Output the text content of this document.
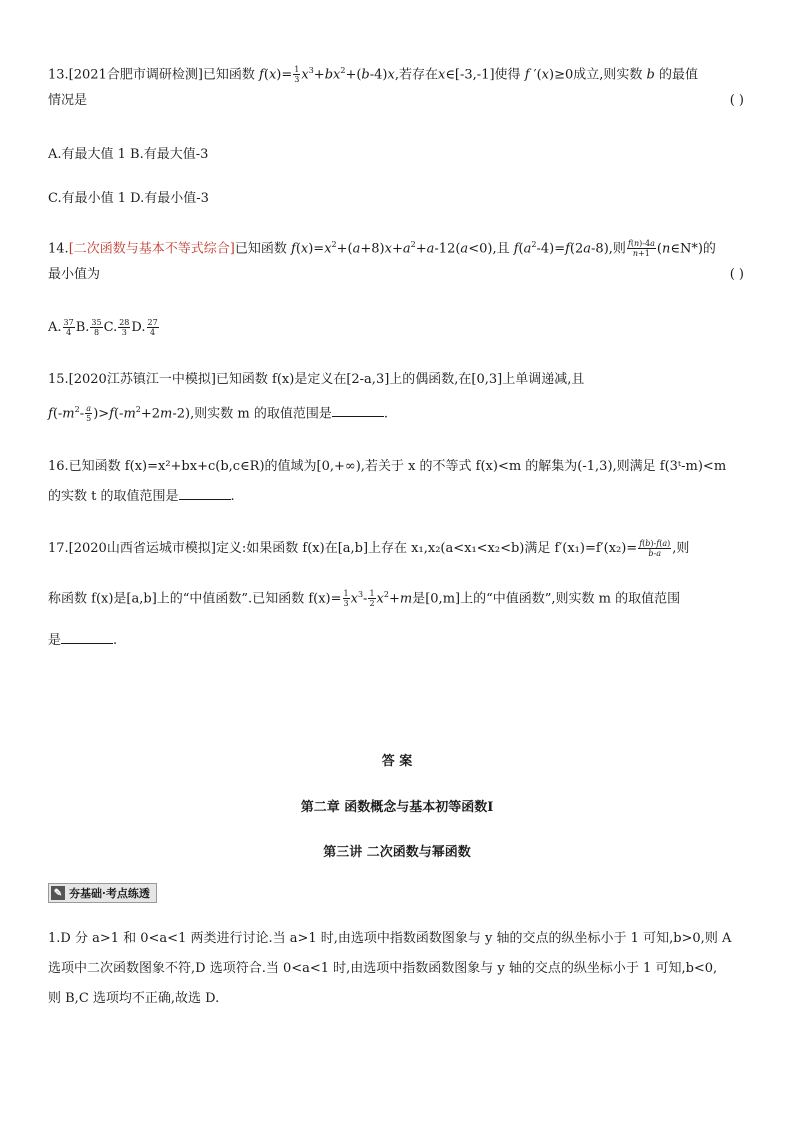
13.[2021合肥市调研检测]已知函数 $f(x)= \frac{1}{3} x^3+bx^2+(b-4)x$,若存在x∈[-3,-1]使得 f ′(x)≥0成立,则实数 b 的最值
情况是	( )
A.有最大值 1 B.有最大值-3
C.有最小值 1 D.有最小值-3
14.[二次函数与基本不等式综合]已知函数 $f(x)=x^2+(a+8)x+a^2+a-12(a<0)$,且 $f(a^2-4)=f(2a-8)$,则 $\frac{f(n)-4a}{n+1}$ (n∈N*)的
最小值为	( )
A. $\frac{37}{4} B$. $\frac{35}{8} C$. $\frac{28}{3} D$. $\frac{27}{4}$
15.[2020江苏镇江一中模拟]已知函数 f(x)是定义在[2-a,3]上的偶函数,在[0,3]上单调递减,且
$f(-m^2- \frac{a}{5} )>f(-m^2+2m-2)$,则实数 m 的取值范围是	.
16.已知函数 f(x)=x²+bx+c(b,c∈R)的值域为[0,+∞),若关于 x 的不等式 f(x)<m 的解集为(-1,3),则满足 f(3ᵗ-m)<m
的实数 t 的取值范围是	.
17.[2020山西省运城市模拟]定义:如果函数 f(x)在[a,b]上存在 x₁,x₂(a<x₁<x₂<b)满足 $f'(x_1)=f'(x_2)= \frac{f(b)-f(a)}{b-a}$ ,则
称函数 f(x)是[a,b]上的“中值函数”.已知函数 $f(x)= \frac{1}{3} x^3- \frac{1}{2} x^2+m$是[0,m]上的“中值函数”,则实数 m 的取值范围
是	.
答 案
第二章 函数概念与基本初等函数Ⅰ
第三讲 二次函数与幂函数
✎ 夯基础·考点练透
1.D 分 a>1 和 0<a<1 两类进行讨论.当 a>1 时,由选项中指数函数图象与 y 轴的交点的纵坐标小于 1 可知,b>0,则 A
选项中二次函数图象不符,D 选项符合.当 0<a<1 时,由选项中指数函数图象与 y 轴的交点的纵坐标小于 1 可知,b<0,
则 B,C 选项均不正确,故选 D.
